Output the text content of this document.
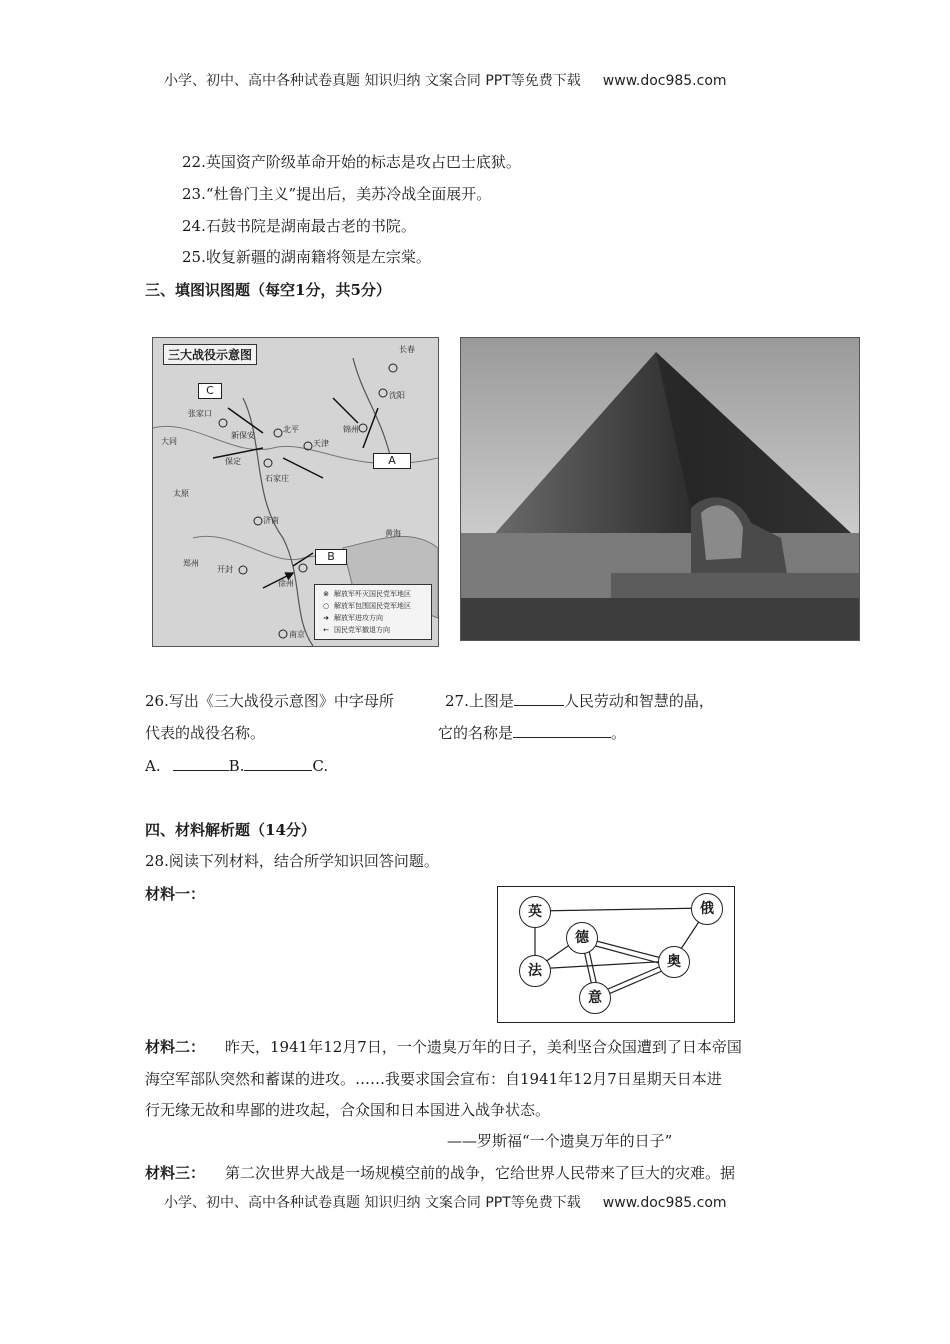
小学、初中、高中各种试卷真题 知识归纳 文案合同 PPT等免费下载 www.doc985.com
22.英国资产阶级革命开始的标志是攻占巴士底狱。
23.“杜鲁门主义”提出后，美苏冷战全面展开。
24.石鼓书院是湖南最古老的书院。
25.收复新疆的湖南籍将领是左宗棠。
三、填图识图题（每空1分，共5分）
三大战役示意图
C
A
B
张家口
北平
天津
保定
石家庄
济南
开封
徐州
南京
锦州
沈阳
长春
黄海
大同
太原
新保安
郑州
⊗ 解放军歼灭国民党军地区
○ 解放军包围国民党军地区
➜ 解放军进攻方向
← 国民党军撤退方向
26.写出《三大战役示意图》中字母所	27.上图是	人民劳动和智慧的晶，
代表的战役名称。	它的名称是	。
A.	B.	C.
四、材料解析题（14分）
28.阅读下列材料，结合所学知识回答问题。
材料一：
英	俄
德
奥
法
意
材料二： 昨天，1941年12月7日，一个遗臭万年的日子，美利坚合众国遭到了日本帝国
海空军部队突然和蓄谋的进攻。……我要求国会宣布：自1941年12月7日星期天日本进
行无缘无故和卑鄙的进攻起，合众国和日本国进入战争状态。
——罗斯福“一个遗臭万年的日子”
材料三： 第二次世界大战是一场规模空前的战争，它给世界人民带来了巨大的灾难。据
小学、初中、高中各种试卷真题 知识归纳 文案合同 PPT等免费下载 www.doc985.com
